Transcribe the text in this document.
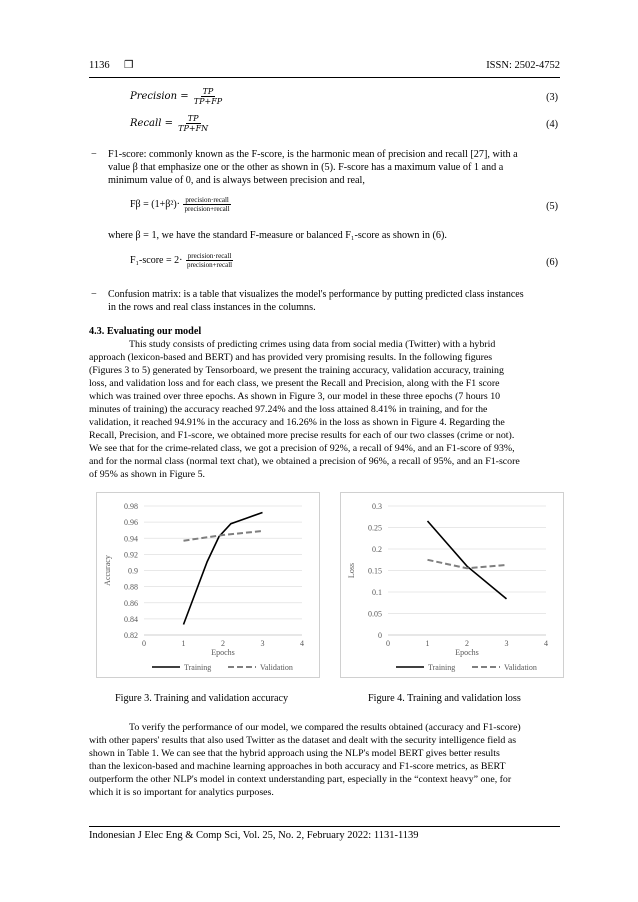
1136 ❒	ISSN: 2502-4752
Precision = $\frac{TP}{TP+FP}$	(3)
Recall = $\frac{TP}{TP+FN}$	(4)
− F1-score: commonly known as the F-score, is the harmonic mean of precision and recall [27], with a
value β that emphasize one or the other as shown in (5). F-score has a maximum value of 1 and a
minimum value of 0, and is always between precision and real,
$F\beta = (1+\beta^2)\cdot \frac{\text{precision·recall}}{\text{precision+recall}}$	(5)
where β = 1, we have the standard F-measure or balanced F₁-score as shown in (6).
F₁-score = $2\cdot \frac{\text{precision·recall}}{\text{precision+recall}}$	(6)
− Confusion matrix: is a table that visualizes the model's performance by putting predicted class instances
in the rows and real class instances in the columns.
4.3. Evaluating our model
This study consists of predicting crimes using data from social media (Twitter) with a hybrid
approach (lexicon-based and BERT) and has provided very promising results. In the following figures
(Figures 3 to 5) generated by Tensorboard, we present the training accuracy, validation accuracy, training
loss, and validation loss and for each class, we present the Recall and Precision, along with the F1 score
which was trained over three epochs. As shown in Figure 3, our model in these three epochs (7 hours 10
minutes of training) the accuracy reached 97.24% and the loss attained 8.41% in training, and for the
validation, it reached 94.91% in the accuracy and 16.26% in the loss as shown in Figure 4. Regarding the
Recall, Precision, and F1-score, we obtained more precise results for each of our two classes (crime or not).
We see that for the crime-related class, we got a precision of 92%, a recall of 94%, and an F1-score of 93%,
and for the normal class (normal text chat), we obtained a precision of 96%, a recall of 95%, and an F1-score
of 95% as shown in Figure 5.
0.82
0.84
0.86
0.88
0.9
0.92
0.94
0.96
0.98
0	1	2	3	4
Epochs
Accuracy
Training	Validation
0
0.05
0.1
0.15
0.2
0.25
0.3
0	1	2	3	4
Epochs
Loss
Training	Validation
Figure 3. Training and validation accuracy	Figure 4. Training and validation loss
To verify the performance of our model, we compared the results obtained (accuracy and F1-score)
with other papers' results that also used Twitter as the dataset and dealt with the security intelligence field as
shown in Table 1. We can see that the hybrid approach using the NLP's model BERT gives better results
than the lexicon-based and machine learning approaches in both accuracy and F1-score metrics, as BERT
outperform the other NLP's model in context understanding part, especially in the “context heavy” one, for
which it is so important for analytics purposes.
Indonesian J Elec Eng & Comp Sci, Vol. 25, No. 2, February 2022: 1131-1139
